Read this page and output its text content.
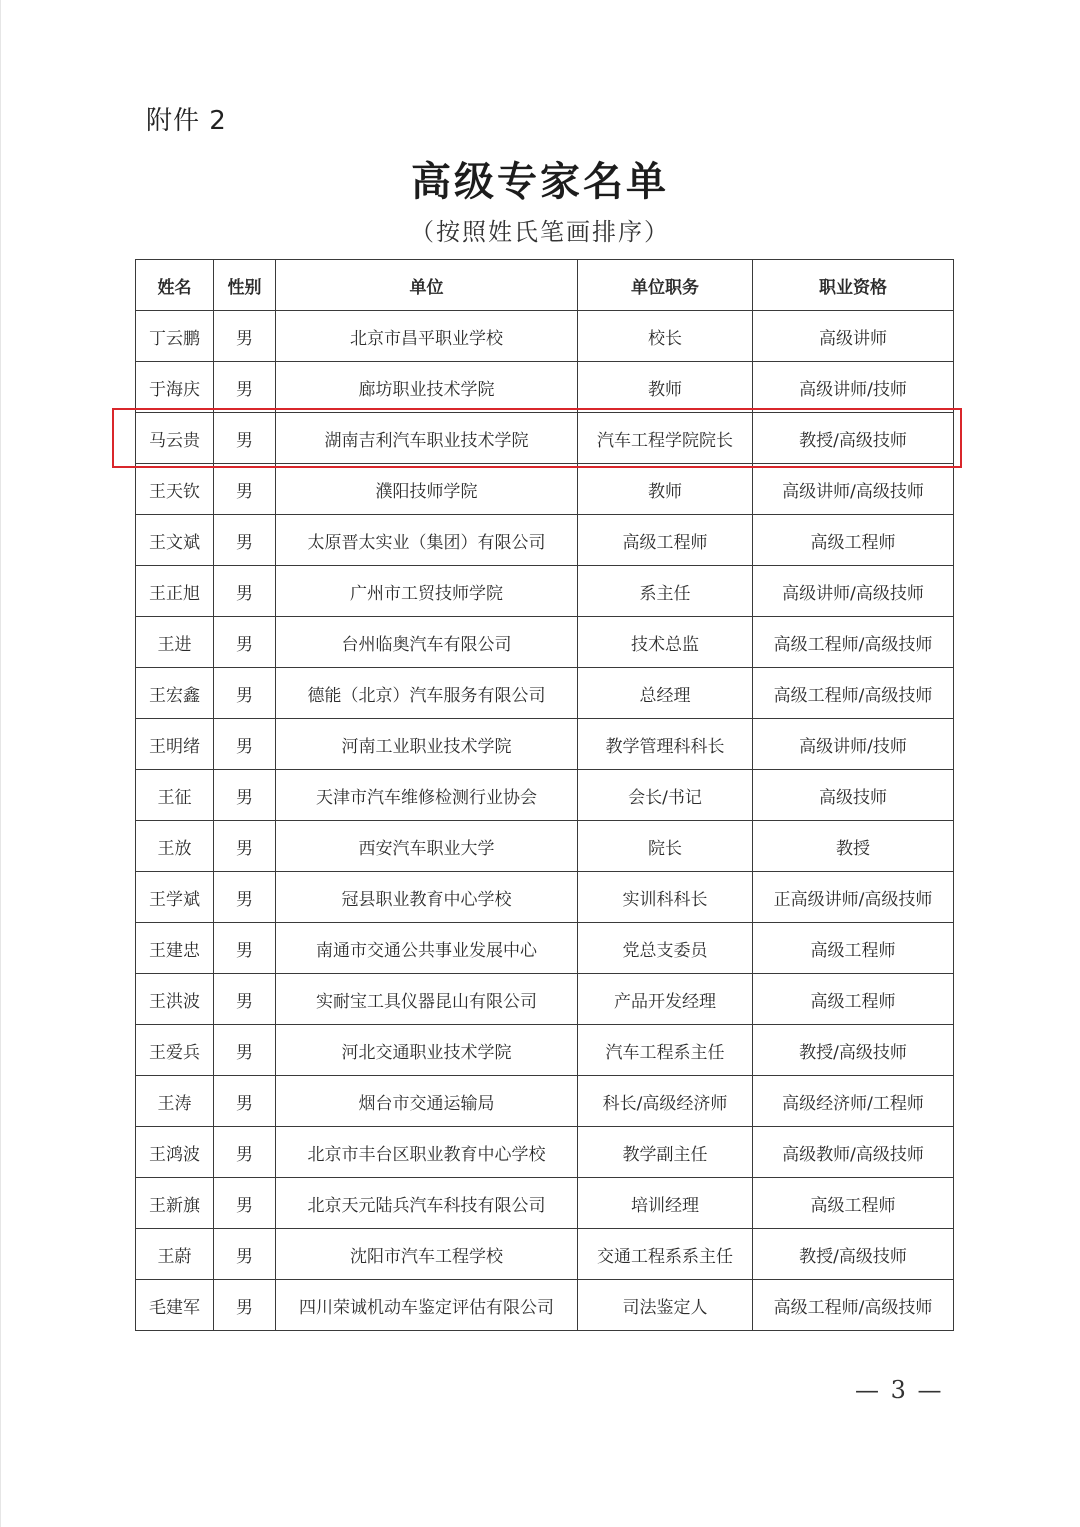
附件 2
高级专家名单
（按照姓氏笔画排序）
姓名	性别	单位	单位职务	职业资格
丁云鹏	男	北京市昌平职业学校	校长	高级讲师
于海庆	男	廊坊职业技术学院	教师	高级讲师/技师
马云贵	男	湖南吉利汽车职业技术学院	汽车工程学院院长	教授/高级技师
王天钦	男	濮阳技师学院	教师	高级讲师/高级技师
王文斌	男	太原晋太实业（集团）有限公司	高级工程师	高级工程师
王正旭	男	广州市工贸技师学院	系主任	高级讲师/高级技师
王进	男	台州临奥汽车有限公司	技术总监	高级工程师/高级技师
王宏鑫	男	德能（北京）汽车服务有限公司	总经理	高级工程师/高级技师
王明绪	男	河南工业职业技术学院	教学管理科科长	高级讲师/技师
王征	男	天津市汽车维修检测行业协会	会长/书记	高级技师
王放	男	西安汽车职业大学	院长	教授
王学斌	男	冠县职业教育中心学校	实训科科长	正高级讲师/高级技师
王建忠	男	南通市交通公共事业发展中心	党总支委员	高级工程师
王洪波	男	实耐宝工具仪器昆山有限公司	产品开发经理	高级工程师
王爱兵	男	河北交通职业技术学院	汽车工程系主任	教授/高级技师
王涛	男	烟台市交通运输局	科长/高级经济师	高级经济师/工程师
王鸿波	男	北京市丰台区职业教育中心学校	教学副主任	高级教师/高级技师
王新旗	男	北京天元陆兵汽车科技有限公司	培训经理	高级工程师
王蔚	男	沈阳市汽车工程学校	交通工程系系主任	教授/高级技师
毛建军	男	四川荣诚机动车鉴定评估有限公司	司法鉴定人	高级工程师/高级技师
— 3 —
